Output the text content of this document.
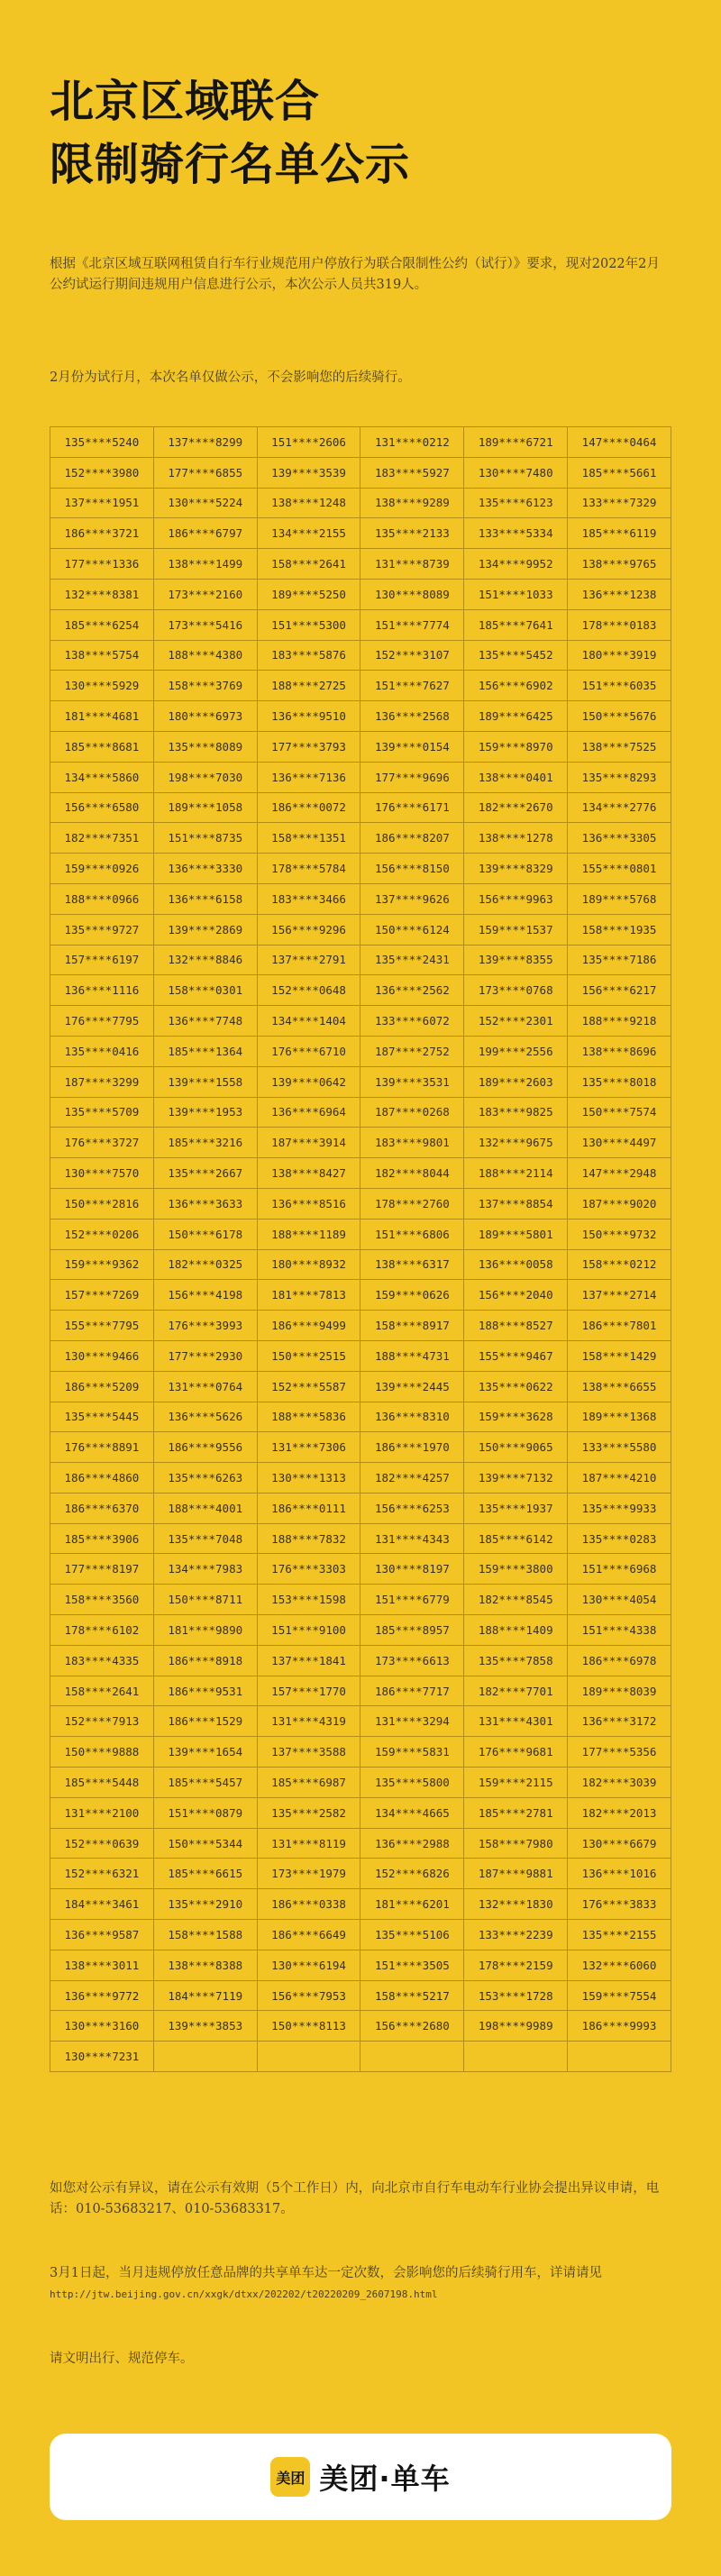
北京区域联合
限制骑行名单公示

根据《北京区域互联网租赁自行车行业规范用户停放行为联合限制性公约（试行）》要求，现对2022年2月公约试运行期间违规用户信息进行公示，本次公示人员共319人。

2月份为试行月，本次名单仅做公示，不会影响您的后续骑行。

135****5240	137****8299	151****2606	131****0212	189****6721	147****0464
152****3980	177****6855	139****3539	183****5927	130****7480	185****5661
137****1951	130****5224	138****1248	138****9289	135****6123	133****7329
186****3721	186****6797	134****2155	135****2133	133****5334	185****6119
177****1336	138****1499	158****2641	131****8739	134****9952	138****9765
132****8381	173****2160	189****5250	130****8089	151****1033	136****1238
185****6254	173****5416	151****5300	151****7774	185****7641	178****0183
138****5754	188****4380	183****5876	152****3107	135****5452	180****3919
130****5929	158****3769	188****2725	151****7627	156****6902	151****6035
181****4681	180****6973	136****9510	136****2568	189****6425	150****5676
185****8681	135****8089	177****3793	139****0154	159****8970	138****7525
134****5860	198****7030	136****7136	177****9696	138****0401	135****8293
156****6580	189****1058	186****0072	176****6171	182****2670	134****2776
182****7351	151****8735	158****1351	186****8207	138****1278	136****3305
159****0926	136****3330	178****5784	156****8150	139****8329	155****0801
188****0966	136****6158	183****3466	137****9626	156****9963	189****5768
135****9727	139****2869	156****9296	150****6124	159****1537	158****1935
157****6197	132****8846	137****2791	135****2431	139****8355	135****7186
136****1116	158****0301	152****0648	136****2562	173****0768	156****6217
176****7795	136****7748	134****1404	133****6072	152****2301	188****9218
135****0416	185****1364	176****6710	187****2752	199****2556	138****8696
187****3299	139****1558	139****0642	139****3531	189****2603	135****8018
135****5709	139****1953	136****6964	187****0268	183****9825	150****7574
176****3727	185****3216	187****3914	183****9801	132****9675	130****4497
130****7570	135****2667	138****8427	182****8044	188****2114	147****2948
150****2816	136****3633	136****8516	178****2760	137****8854	187****9020
152****0206	150****6178	188****1189	151****6806	189****5801	150****9732
159****9362	182****0325	180****8932	138****6317	136****0058	158****0212
157****7269	156****4198	181****7813	159****0626	156****2040	137****2714
155****7795	176****3993	186****9499	158****8917	188****8527	186****7801
130****9466	177****2930	150****2515	188****4731	155****9467	158****1429
186****5209	131****0764	152****5587	139****2445	135****0622	138****6655
135****5445	136****5626	188****5836	136****8310	159****3628	189****1368
176****8891	186****9556	131****7306	186****1970	150****9065	133****5580
186****4860	135****6263	130****1313	182****4257	139****7132	187****4210
186****6370	188****4001	186****0111	156****6253	135****1937	135****9933
185****3906	135****7048	188****7832	131****4343	185****6142	135****0283
177****8197	134****7983	176****3303	130****8197	159****3800	151****6968
158****3560	150****8711	153****1598	151****6779	182****8545	130****4054
178****6102	181****9890	151****9100	185****8957	188****1409	151****4338
183****4335	186****8918	137****1841	173****6613	135****7858	186****6978
158****2641	186****9531	157****1770	186****7717	182****7701	189****8039
152****7913	186****1529	131****4319	131****3294	131****4301	136****3172
150****9888	139****1654	137****3588	159****5831	176****9681	177****5356
185****5448	185****5457	185****6987	135****5800	159****2115	182****3039
131****2100	151****0879	135****2582	134****4665	185****2781	182****2013
152****0639	150****5344	131****8119	136****2988	158****7980	130****6679
152****6321	185****6615	173****1979	152****6826	187****9881	136****1016
184****3461	135****2910	186****0338	181****6201	132****1830	176****3833
136****9587	158****1588	186****6649	135****5106	133****2239	135****2155
138****3011	138****8388	130****6194	151****3505	178****2159	132****6060
136****9772	184****7119	156****7953	158****5217	153****1728	159****7554
130****3160	139****3853	150****8113	156****2680	198****9989	186****9993
130****7231					

如您对公示有异议，请在公示有效期（5个工作日）内，向北京市自行车电动车行业协会提出异议申请，电话：010-53683217、010-53683317。

3月1日起，当月违规停放任意品牌的共享单车达一定次数，会影响您的后续骑行用车，详请请见 http://jtw.beijing.gov.cn/xxgk/dtxx/202202/t20220209_2607198.html

请文明出行、规范停车。

美团 美团·单车
